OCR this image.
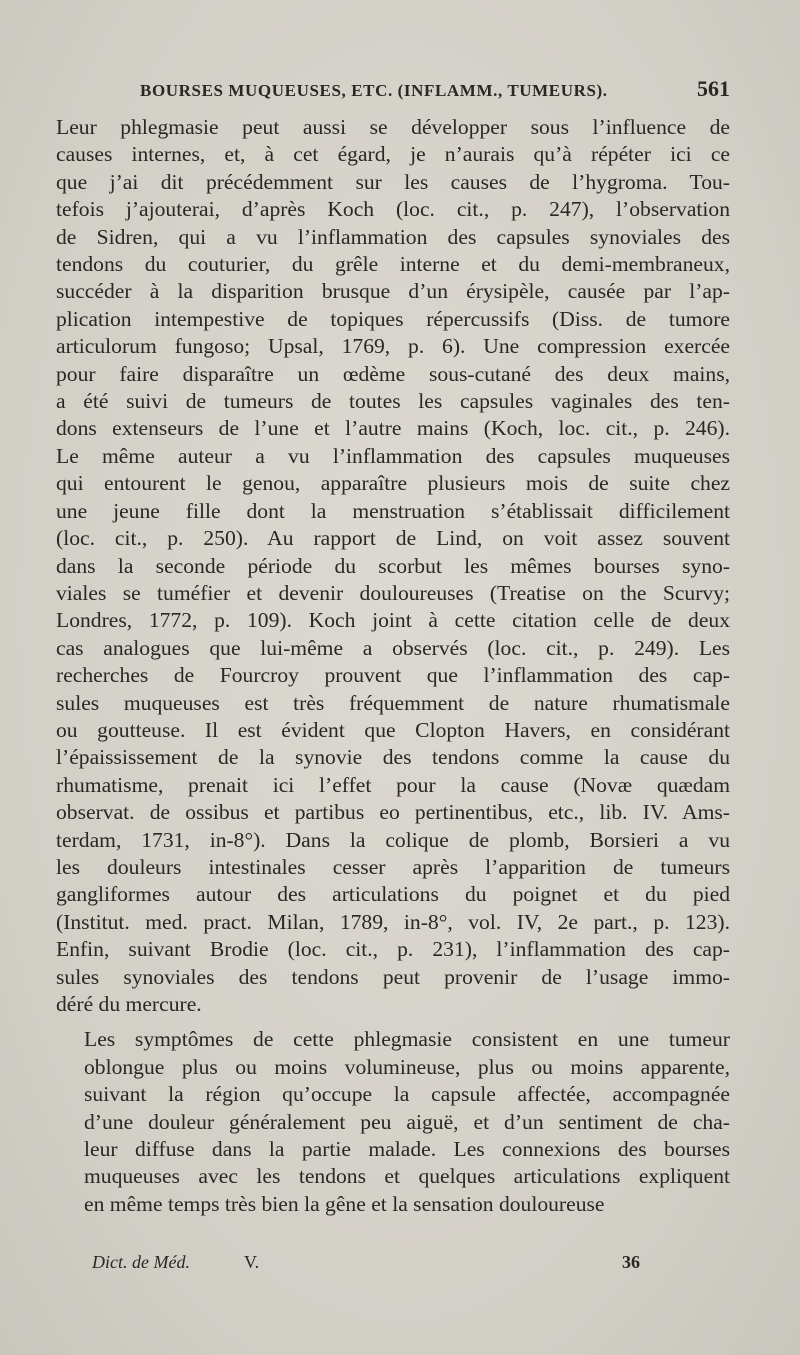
BOURSES MUQUEUSES, ETC. (INFLAMM., TUMEURS).	561

Leur phlegmasie peut aussi se développer sous l’influence de
causes internes, et, à cet égard, je n’aurais qu’à répéter ici ce
que j’ai dit précédemment sur les causes de l’hygroma. Tou-
tefois j’ajouterai, d’après Koch (loc. cit., p. 247), l’observation
de Sidren, qui a vu l’inflammation des capsules synoviales des
tendons du couturier, du grêle interne et du demi-membraneux,
succéder à la disparition brusque d’un érysipèle, causée par l’ap-
plication intempestive de topiques répercussifs (Diss. de tumore
articulorum fungoso; Upsal, 1769, p. 6). Une compression exercée
pour faire disparaître un œdème sous-cutané des deux mains,
a été suivi de tumeurs de toutes les capsules vaginales des ten-
dons extenseurs de l’une et l’autre mains (Koch, loc. cit., p. 246).
Le même auteur a vu l’inflammation des capsules muqueuses
qui entourent le genou, apparaître plusieurs mois de suite chez
une jeune fille dont la menstruation s’établissait difficilement
(loc. cit., p. 250). Au rapport de Lind, on voit assez souvent
dans la seconde période du scorbut les mêmes bourses syno-
viales se tuméfier et devenir douloureuses (Treatise on the Scurvy;
Londres, 1772, p. 109). Koch joint à cette citation celle de deux
cas analogues que lui-même a observés (loc. cit., p. 249). Les
recherches de Fourcroy prouvent que l’inflammation des cap-
sules muqueuses est très fréquemment de nature rhumatismale
ou goutteuse. Il est évident que Clopton Havers, en considérant
l’épaississement de la synovie des tendons comme la cause du
rhumatisme, prenait ici l’effet pour la cause (Novæ quædam
observat. de ossibus et partibus eo pertinentibus, etc., lib. IV. Ams-
terdam, 1731, in-8°). Dans la colique de plomb, Borsieri a vu
les douleurs intestinales cesser après l’apparition de tumeurs
gangliformes autour des articulations du poignet et du pied
(Institut. med. pract. Milan, 1789, in-8°, vol. IV, 2e part., p. 123).
Enfin, suivant Brodie (loc. cit., p. 231), l’inflammation des cap-
sules synoviales des tendons peut provenir de l’usage immo-
déré du mercure.

Les symptômes de cette phlegmasie consistent en une tumeur
oblongue plus ou moins volumineuse, plus ou moins apparente,
suivant la région qu’occupe la capsule affectée, accompagnée
d’une douleur généralement peu aiguë, et d’un sentiment de cha-
leur diffuse dans la partie malade. Les connexions des bourses
muqueuses avec les tendons et quelques articulations expliquent
en même temps très bien la gêne et la sensation douloureuse

Dict. de Méd.	V.	36
